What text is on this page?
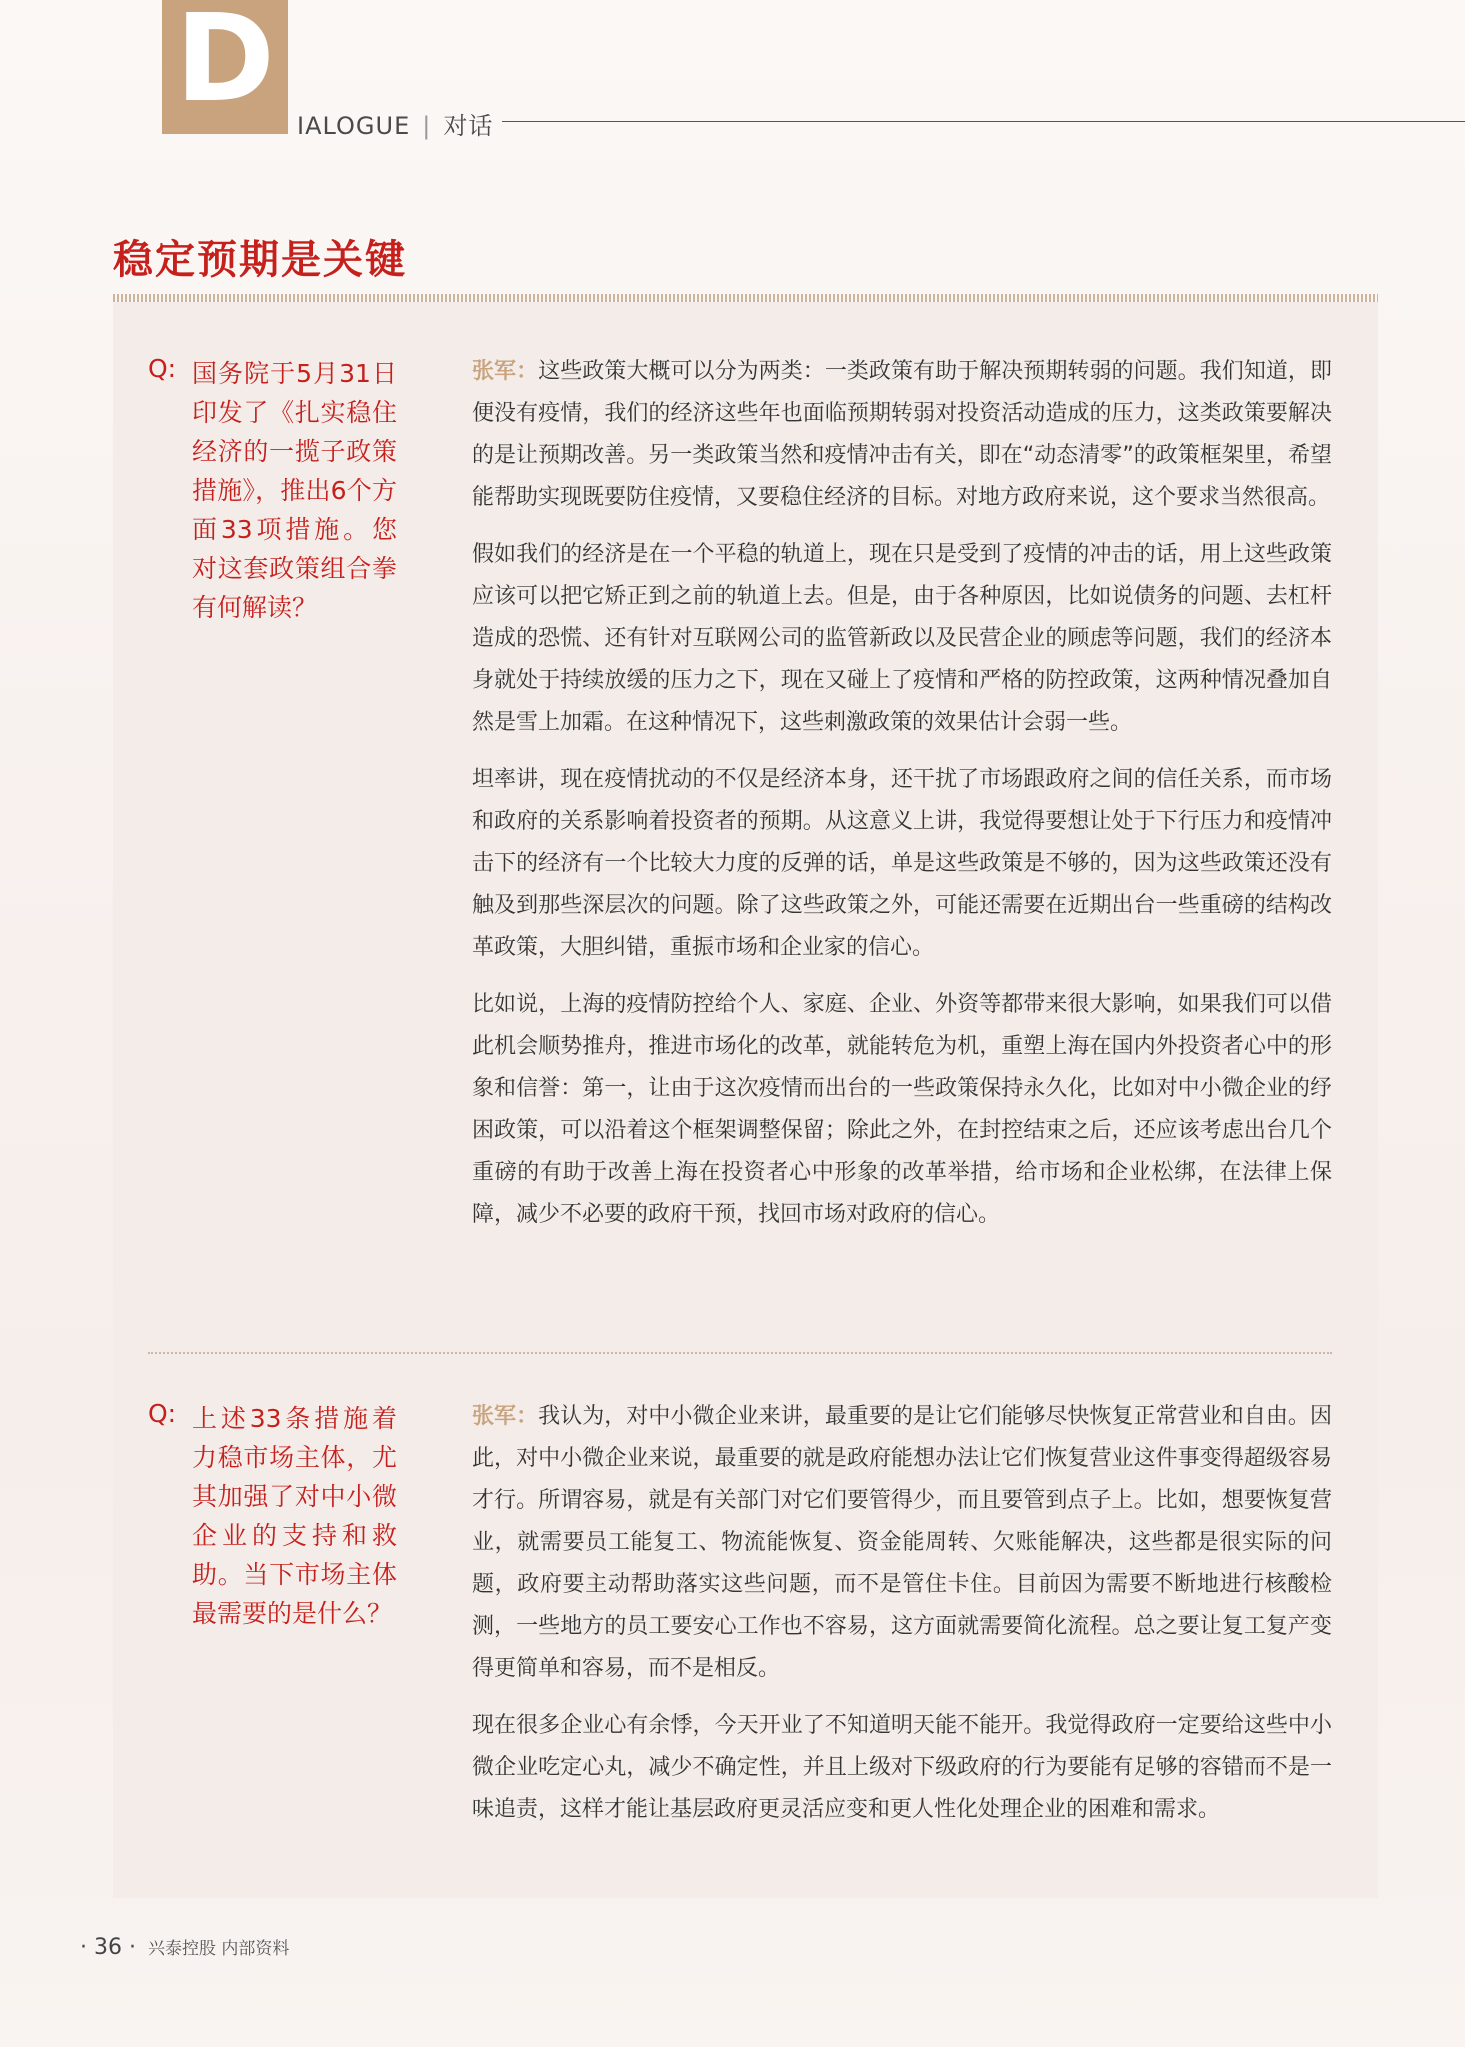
D IALOGUE | 对话
稳定预期是关键
Q: 国务院于5月31日印发了《扎实稳住经济的一揽子政策措施》，推出6个方面33项措施。您对这套政策组合拳有何解读？

张军：这些政策大概可以分为两类：一类政策有助于解决预期转弱的问题。我们知道，即便没有疫情，我们的经济这些年也面临预期转弱对投资活动造成的压力，这类政策要解决的是让预期改善。另一类政策当然和疫情冲击有关，即在“动态清零”的政策框架里，希望能帮助实现既要防住疫情，又要稳住经济的目标。对地方政府来说，这个要求当然很高。

假如我们的经济是在一个平稳的轨道上，现在只是受到了疫情的冲击的话，用上这些政策应该可以把它矫正到之前的轨道上去。但是，由于各种原因，比如说债务的问题、去杠杆造成的恐慌、还有针对互联网公司的监管新政以及民营企业的顾虑等问题，我们的经济本身就处于持续放缓的压力之下，现在又碰上了疫情和严格的防控政策，这两种情况叠加自然是雪上加霜。在这种情况下，这些刺激政策的效果估计会弱一些。

坦率讲，现在疫情扰动的不仅是经济本身，还干扰了市场跟政府之间的信任关系，而市场和政府的关系影响着投资者的预期。从这意义上讲，我觉得要想让处于下行压力和疫情冲击下的经济有一个比较大力度的反弹的话，单是这些政策是不够的，因为这些政策还没有触及到那些深层次的问题。除了这些政策之外，可能还需要在近期出台一些重磅的结构改革政策，大胆纠错，重振市场和企业家的信心。

比如说，上海的疫情防控给个人、家庭、企业、外资等都带来很大影响，如果我们可以借此机会顺势推舟，推进市场化的改革，就能转危为机，重塑上海在国内外投资者心中的形象和信誉：第一，让由于这次疫情而出台的一些政策保持永久化，比如对中小微企业的纾困政策，可以沿着这个框架调整保留；除此之外，在封控结束之后，还应该考虑出台几个重磅的有助于改善上海在投资者心中形象的改革举措，给市场和企业松绑，在法律上保障，减少不必要的政府干预，找回市场对政府的信心。

Q: 上述33条措施着力稳市场主体，尤其加强了对中小微企业的支持和救助。当下市场主体最需要的是什么？

张军：我认为，对中小微企业来讲，最重要的是让它们能够尽快恢复正常营业和自由。因此，对中小微企业来说，最重要的就是政府能想办法让它们恢复营业这件事变得超级容易才行。所谓容易，就是有关部门对它们要管得少，而且要管到点子上。比如，想要恢复营业，就需要员工能复工、物流能恢复、资金能周转、欠账能解决，这些都是很实际的问题，政府要主动帮助落实这些问题，而不是管住卡住。目前因为需要不断地进行核酸检测，一些地方的员工要安心工作也不容易，这方面就需要简化流程。总之要让复工复产变得更简单和容易，而不是相反。

现在很多企业心有余悸，今天开业了不知道明天能不能开。我觉得政府一定要给这些中小微企业吃定心丸，减少不确定性，并且上级对下级政府的行为要能有足够的容错而不是一味追责，这样才能让基层政府更灵活应变和更人性化处理企业的困难和需求。

· 36 · 兴泰控股 内部资料
